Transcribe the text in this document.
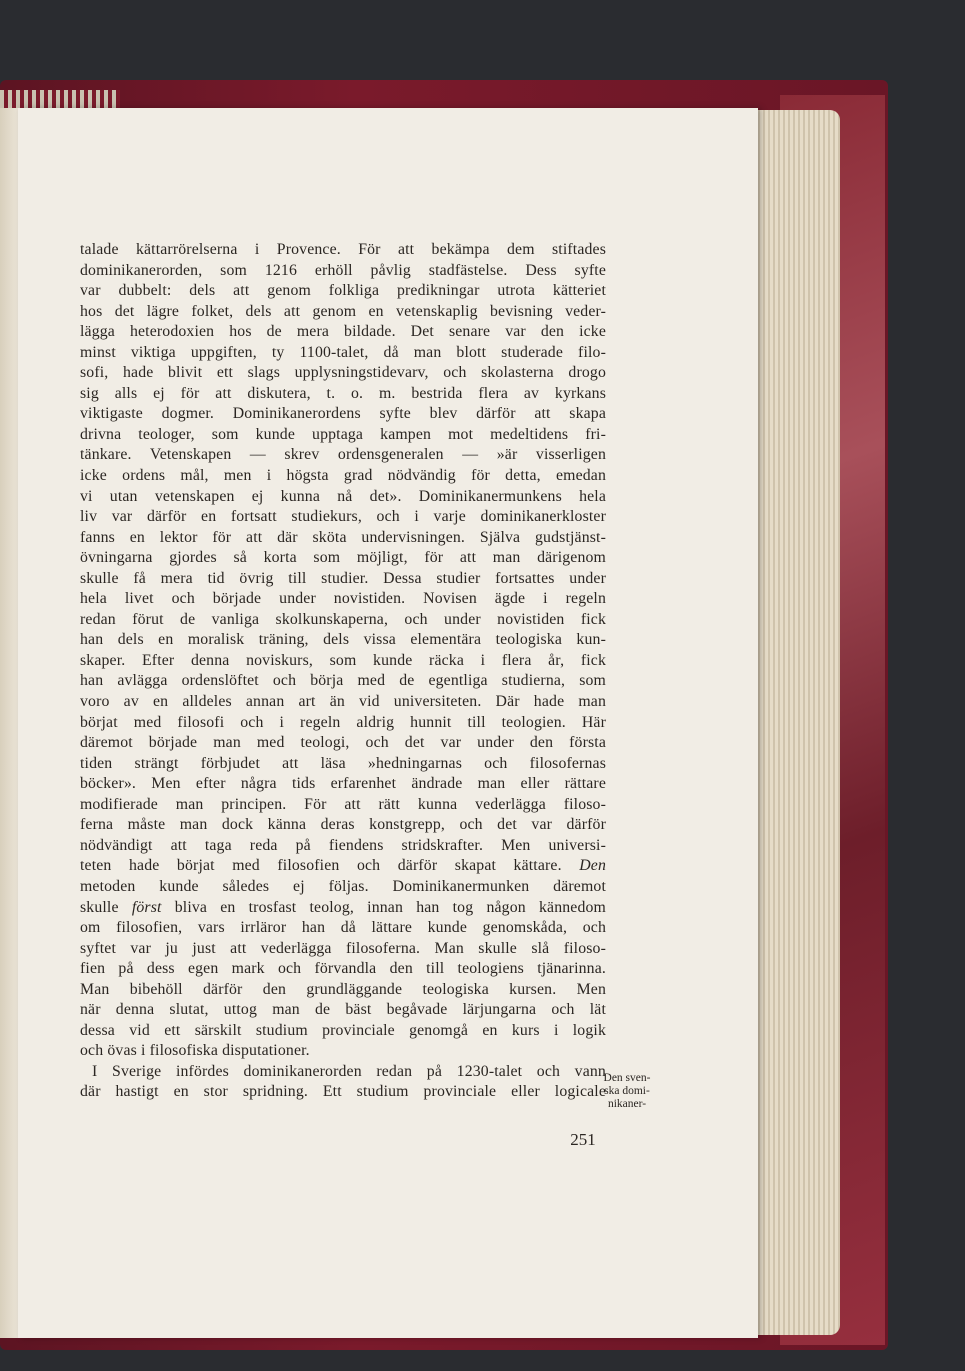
talade kättarrörelserna i Provence. För att bekämpa dem stiftades
dominikanerorden, som 1216 erhöll påvlig stadfästelse. Dess syfte
var dubbelt: dels att genom folkliga predikningar utrota kätteriet
hos det lägre folket, dels att genom en vetenskaplig bevisning veder-
lägga heterodoxien hos de mera bildade. Det senare var den icke
minst viktiga uppgiften, ty 1100-talet, då man blott studerade filo-
sofi, hade blivit ett slags upplysningstidevarv, och skolasterna drogo
sig alls ej för att diskutera, t. o. m. bestrida flera av kyrkans
viktigaste dogmer. Dominikanerordens syfte blev därför att skapa
drivna teologer, som kunde upptaga kampen mot medeltidens fri-
tänkare. Vetenskapen — skrev ordensgeneralen — »är visserligen
icke ordens mål, men i högsta grad nödvändig för detta, emedan
vi utan vetenskapen ej kunna nå det». Dominikanermunkens hela
liv var därför en fortsatt studiekurs, och i varje dominikanerkloster
fanns en lektor för att där sköta undervisningen. Själva gudstjänst-
övningarna gjordes så korta som möjligt, för att man därigenom
skulle få mera tid övrig till studier. Dessa studier fortsattes under
hela livet och började under novistiden. Novisen ägde i regeln
redan förut de vanliga skolkunskaperna, och under novistiden fick
han dels en moralisk träning, dels vissa elementära teologiska kun-
skaper. Efter denna noviskurs, som kunde räcka i flera år, fick
han avlägga ordenslöftet och börja med de egentliga studierna, som
voro av en alldeles annan art än vid universiteten. Där hade man
börjat med filosofi och i regeln aldrig hunnit till teologien. Här
däremot började man med teologi, och det var under den första
tiden strängt förbjudet att läsa »hedningarnas och filosofernas
böcker». Men efter några tids erfarenhet ändrade man eller rättare
modifierade man principen. För att rätt kunna vederlägga filoso-
ferna måste man dock känna deras konstgrepp, och det var därför
nödvändigt att taga reda på fiendens stridskrafter. Men universi-
teten hade börjat med filosofien och därför skapat kättare. Den
metoden kunde således ej följas. Dominikanermunken däremot
skulle först bliva en trosfast teolog, innan han tog någon kännedom
om filosofien, vars irrläror han då lättare kunde genomskåda, och
syftet var ju just att vederlägga filosoferna. Man skulle slå filoso-
fien på dess egen mark och förvandla den till teologiens tjänarinna.
Man bibehöll därför den grundläggande teologiska kursen. Men
när denna slutat, uttog man de bäst begåvade lärjungarna och lät
dessa vid ett särskilt studium provinciale genomgå en kurs i logik
och övas i filosofiska disputationer.
I Sverige infördes dominikanerorden redan på 1230-talet och vann
där hastigt en stor spridning. Ett studium provinciale eller logicale
Den sven-
ska domi-
nikaner-
251
